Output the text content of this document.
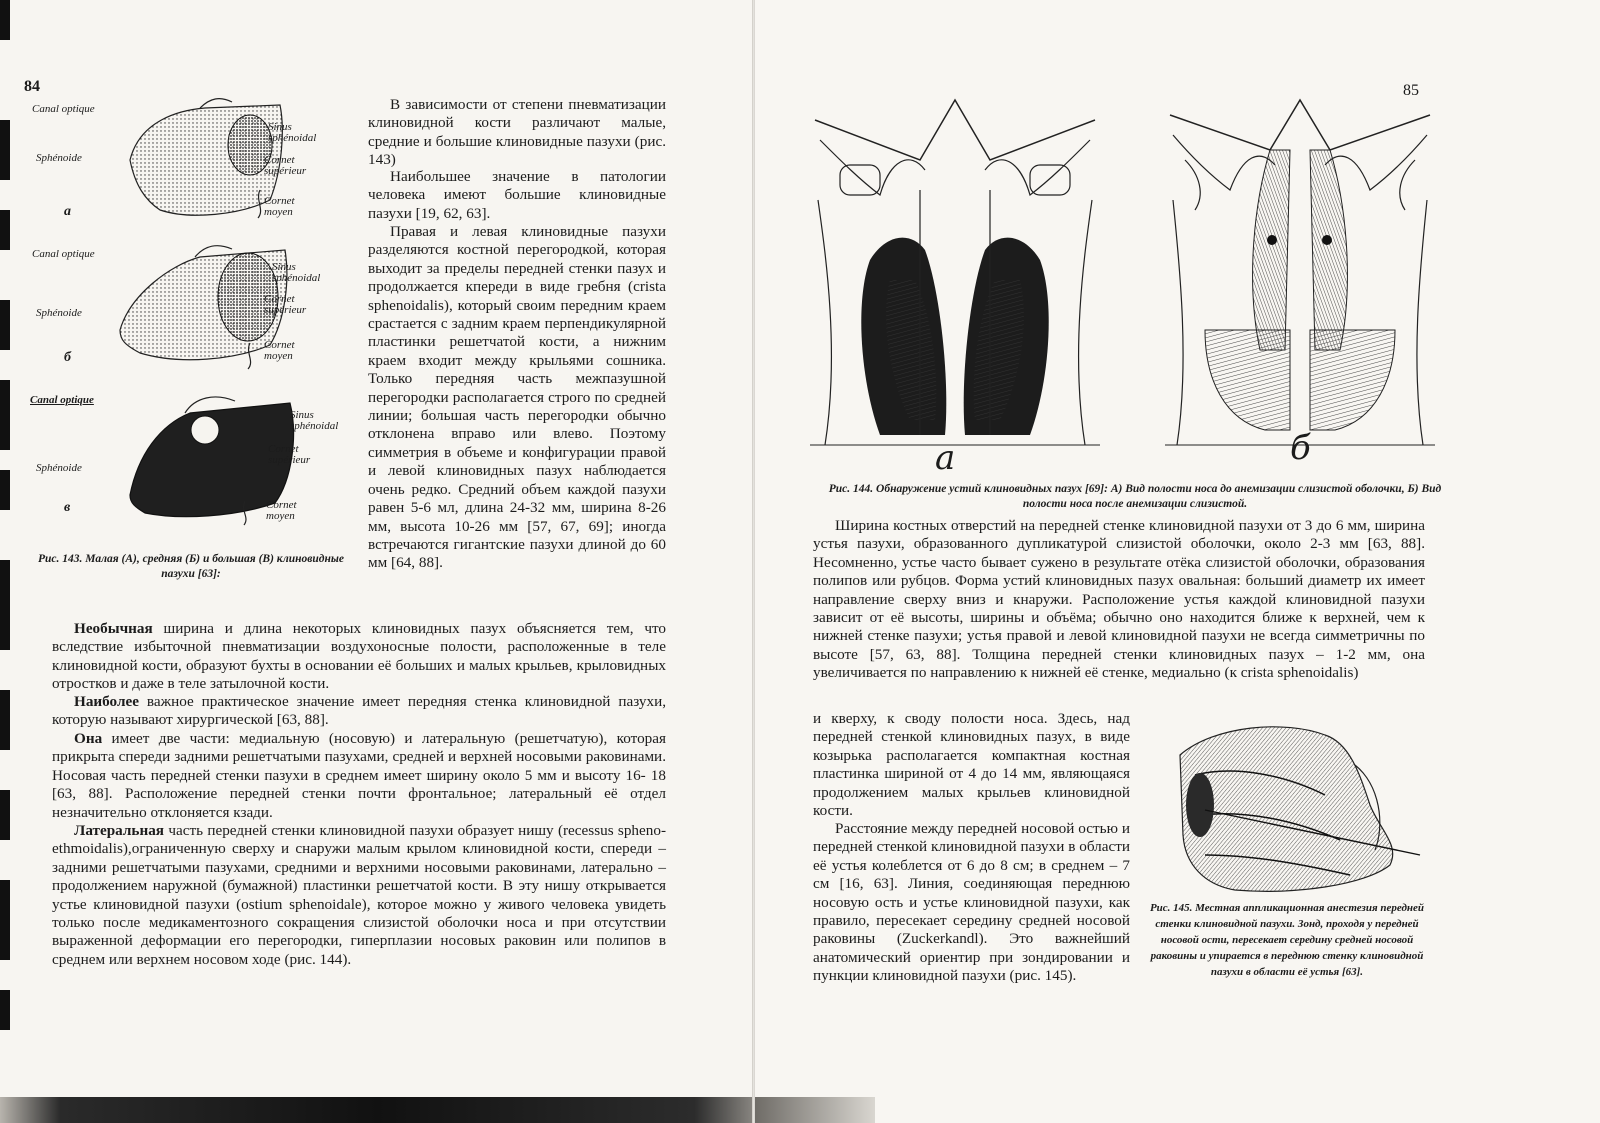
84
Canal optique
Sphénoide
Sinus sphénoidal
Cornet supérieur
Cornet moyen
а
Canal optique
Sphénoide
Sinus sphénoidal
Cornet supérieur
Cornet moyen
б
Canal optique
Sphénoide
Sinus sphénoidal
Cornet supérieur
Cornet moyen
в

Рис. 143. Малая (А), средняя (Б) и большая (В) клиновидные пазухи [63]:

В зависимости от степени пневматизации клиновидной кости различают малые, средние и большие клиновидные пазухи (рис. 143)

Наибольшее значение в патологии человека имеют большие клиновидные пазухи [19, 62, 63].

Правая и левая клиновидные пазухи разделяются костной перегородкой, которая выходит за пределы передней стенки пазух и продолжается кпереди в виде гребня (crista sphenoidalis), который своим передним краем срастается с задним краем перпендикулярной пластинки решетчатой кости, а нижним краем входит между крыльями сошника. Только передняя часть межпазушной перегородки располагается строго по средней линии; большая часть перегородки обычно отклонена вправо или влево. Поэтому симметрия в объеме и конфигурации правой и левой клиновидных пазух наблюдается очень редко. Средний объем каждой пазухи равен 5-6 мл, длина 24-32 мм, ширина 8-26 мм, высота 10-26 мм [57, 67, 69]; иногда встречаются гигантские пазухи длиной до 60 мм [64, 88].

Необычная ширина и длина некоторых клиновидных пазух объясняется тем, что вследствие избыточной пневматизации воздухоносные полости, расположенные в теле клиновидной кости, образуют бухты в основании её больших и малых крыльев, крыловидных отростков и даже в теле затылочной кости.

Наиболее важное практическое значение имеет передняя стенка клиновидной пазухи, которую называют хирургической [63, 88].

Она имеет две части: медиальную (носовую) и латеральную (решетчатую), которая прикрыта спереди задними решетчатыми пазухами, средней и верхней носовыми раковинами. Носовая часть передней стенки пазухи в среднем имеет ширину около 5 мм и высоту 16- 18 [63, 88]. Расположение передней стенки почти фронтальное; латеральный её отдел незначительно отклоняется кзади.

Латеральная часть передней стенки клиновидной пазухи образует нишу (recessus spheno-ethmoidalis),ограниченную сверху и снаружи малым крылом клиновидной кости, спереди – задними решетчатыми пазухами, средними и верхними носовыми раковинами, латерально – продолжением наружной (бумажной) пластинки решетчатой кости. В эту нишу открывается устье клиновидной пазухи (ostium sphenoidale), которое можно у живого человека увидеть только после медикаментозного сокращения слизистой оболочки носа и при отсутствии выраженной деформации его перегородки, гиперплазии носовых раковин или полипов в среднем или верхнем носовом ходе (рис. 144).

85
а	б

Рис. 144. Обнаружение устий клиновидных пазух [69]: А) Вид полости носа до анемизации слизистой оболочки, Б) Вид полости носа после анемизации слизистой.

Ширина костных отверстий на передней стенке клиновидной пазухи от 3 до 6 мм, ширина устья пазухи, образованного дупликатурой слизистой оболочки, около 2-3 мм [63, 88]. Несомненно, устье часто бывает сужено в результате отёка слизистой оболочки, образования полипов или рубцов. Форма устий клиновидных пазух овальная: больший диаметр их имеет направление сверху вниз и кнаружи. Расположение устья каждой клиновидной пазухи зависит от её высоты, ширины и объёма; обычно оно находится ближе к верхней, чем к нижней стенке пазухи; устья правой и левой клиновидной пазухи не всегда симметричны по высоте [57, 63, 88]. Толщина передней стенки клиновидных пазух – 1-2 мм, она увеличивается по направлению к нижней её стенке, медиально (к crista sphenoidalis)

и кверху, к своду полости носа. Здесь, над передней стенкой клиновидных пазух, в виде козырька располагается компактная костная пластинка шириной от 4 до 14 мм, являющаяся продолжением малых крыльев клиновидной кости.

Расстояние между передней носовой остью и передней стенкой клиновидной пазухи в области её устья колеблется от 6 до 8 см; в среднем – 7 см [16, 63]. Линия, соединяющая переднюю носовую ость и устье клиновидной пазухи, как правило, пересекает середину средней носовой раковины (Zuckerkandl). Это важнейший анатомический ориентир при зондировании и пункции клиновидной пазухи (рис. 145).

Рис. 145. Местная аппликационная анестезия передней стенки клиновидной пазухи. Зонд, проходя у передней носовой ости, пересекает середину средней носовой раковины и упирается в переднюю стенку клиновидной пазухи в области её устья [63].
